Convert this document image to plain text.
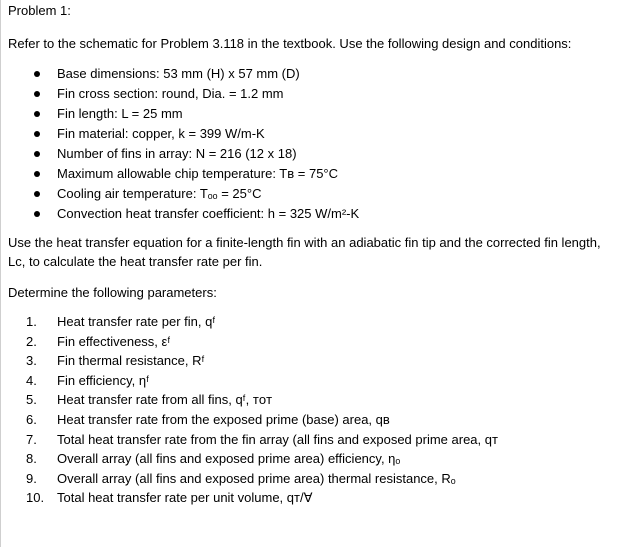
Problem 1:
Refer to the schematic for Problem 3.118 in the textbook. Use the following design and conditions:
Base dimensions: 53 mm (H) x 57 mm (D)
Fin cross section: round, Dia. = 1.2 mm
Fin length: L = 25 mm
Fin material: copper, k = 399 W/m-K
Number of fins in array: N = 216 (12 x 18)
Maximum allowable chip temperature: Tʙ = 75°C
Cooling air temperature: Tₒₒ = 25°C
Convection heat transfer coefficient: h = 325 W/m²-K
Use the heat transfer equation for a finite-length fin with an adiabatic fin tip and the corrected fin length, Lᴄ, to calculate the heat transfer rate per fin.
Determine the following parameters:
1.	Heat transfer rate per fin, qᶠ
2.	Fin effectiveness, εᶠ
3.	Fin thermal resistance, Rᶠ
4.	Fin efficiency, ηᶠ
5.	Heat transfer rate from all fins, qᶠ, ᴛᴏᴛ
6.	Heat transfer rate from the exposed prime (base) area, qʙ
7.	Total heat transfer rate from the fin array (all fins and exposed prime area, qᴛ
8.	Overall array (all fins and exposed prime area) efficiency, ηₒ
9.	Overall array (all fins and exposed prime area) thermal resistance, Rₒ
10. Total heat transfer rate per unit volume, qᴛ/∀
